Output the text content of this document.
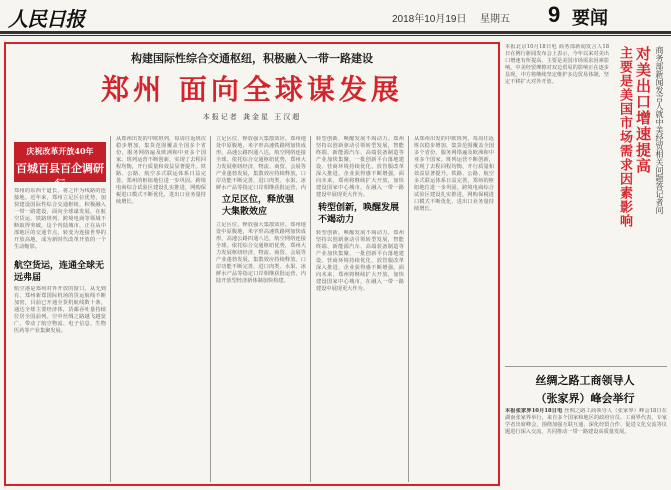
人民日报	2018年10月19日 星期五 9 要闻
构建国际性综合交通枢纽，积极融入一带一路建设
郑州 面向全球谋发展
本报记者 龚金星 王汉超
庆祝改革开放40年
百城百县百企调研行
郑州的东西干道长，将之作为线路的连接地。近年来，郑州立足区位优势，加快建设国际性综合交通枢纽，积极融入一带一路建设，面向全球谋发展，在航空货运、铁路班列、跨境电商等领域不断取得突破。这个内陆城市，正在从中部地区的交通节点，转变为连接世界的开放高地，成为新时代改革开放的一个生动缩影。
航空货运，连通全球无远弗届
航空港是郑州对外开放的窗口。从无到有，郑州新郑国际机场的货运航线不断加密，目前已开通全货机航线数十条，通达全球主要经济体，货邮吞吐量持续位居全国前列。空中丝绸之路越飞越宽广，带动了航空物流、电子信息、生物医药等产业集聚发展。
从郑州出发的中欧班列，每周往返班次稳步增加，集货范围覆盖全国多个省份，服务网络遍及欧洲和中亚多个国家。班列运营不断创新，实现了去程回程均衡，开行质量和效益显著提升。铁路、公路、航空多式联运体系日益完善，郑州的枢纽地位进一步巩固。跨境电商综合试验区建设扎实推进，网购保税进口模式不断优化，进出口业务量持续增长。	立足区位，释放强大集散效应
立足区位，释放强大集散效应。郑州地处中原腹地，米字形高速铁路网加快成形，高速公路四通八达，航空网络连接全球。依托综合交通枢纽优势，郑州大力发展枢纽经济，物流、商贸、会展等产业蓬勃发展，集散效应持续释放。口岸功能不断完善，进口肉类、水果、冰鲜水产品等指定口岸相继获批运营，内
立足区位，释放强大集散效应。郑州地处中原腹地，米字形高速铁路网加快成形，高速公路四通八达，航空网络连接全球。依托综合交通枢纽优势，郑州大力发展枢纽经济，物流、商贸、会展等产业蓬勃发展，集散效应持续释放。口岸功能不断完善，进口肉类、水果、冰鲜水产品等指定口岸相继获批运营，内陆开放型经济新体制加快构建。
转型创新，唤醒发展不竭动力。郑州坚持以创新驱动引领转型发展，智能终端、新能源汽车、高端装备制造等产业加快集聚，一批创新平台落地建设。营商环境持续优化，放管服改革深入推进，企业获得感不断增强。面向未来，郑州将继续扩大开放，加快建设国家中心城市，在融入一带一路建设中展现更大作为。
转型创新，唤醒发展不竭动力
转型创新，唤醒发展不竭动力。郑州坚持以创新驱动引领转型发展，智能终端、新能源汽车、高端装备制造等产业加快集聚，一批创新平台落地建设。营商环境持续优化，放管服改革深入推进，企业获得感不断增强。面向未来，郑州将继续扩大开放，加快建设国家中心城市，在融入一带一路建设中展现更大作为。
从郑州出发的中欧班列，每周往返班次稳步增加，集货范围覆盖全国多个省份，服务网络遍及欧洲和中亚多个国家。班列运营不断创新，实现了去程回程均衡，开行质量和效益显著提升。铁路、公路、航空多式联运体系日益完善，郑州的枢纽地位进一步巩固。跨境电商综合试验区建设扎实推进，网购保税进口模式不断优化，进出口业务量持续增长。
本报北京10月18日电 商务部新闻发言人18日在例行新闻发布会上表示，今年以来对美出口增速有所提高，主要是美国市场需求因素影响。中美经贸摩擦对双边贸易的影响正在逐步显现，中方将继续坚定维护多边贸易体制，坚定不移扩大对外开放。	对美出口增速提高
主要是美国市场需求因素影响	商务部新闻发言人就中美经贸相关问题答记者问
丝绸之路工商领导人
（张家界）峰会举行
本报张家界10月18日电 丝绸之路工商领导人（张家界）峰会18日在湖南张家界举行。来自多个国家和地区的政府官员、工商界代表、专家学者出席峰会，围绕加强互联互通、深化经贸合作、促进文化交流等议题进行深入交流，共同推动一带一路建设高质量发展。
